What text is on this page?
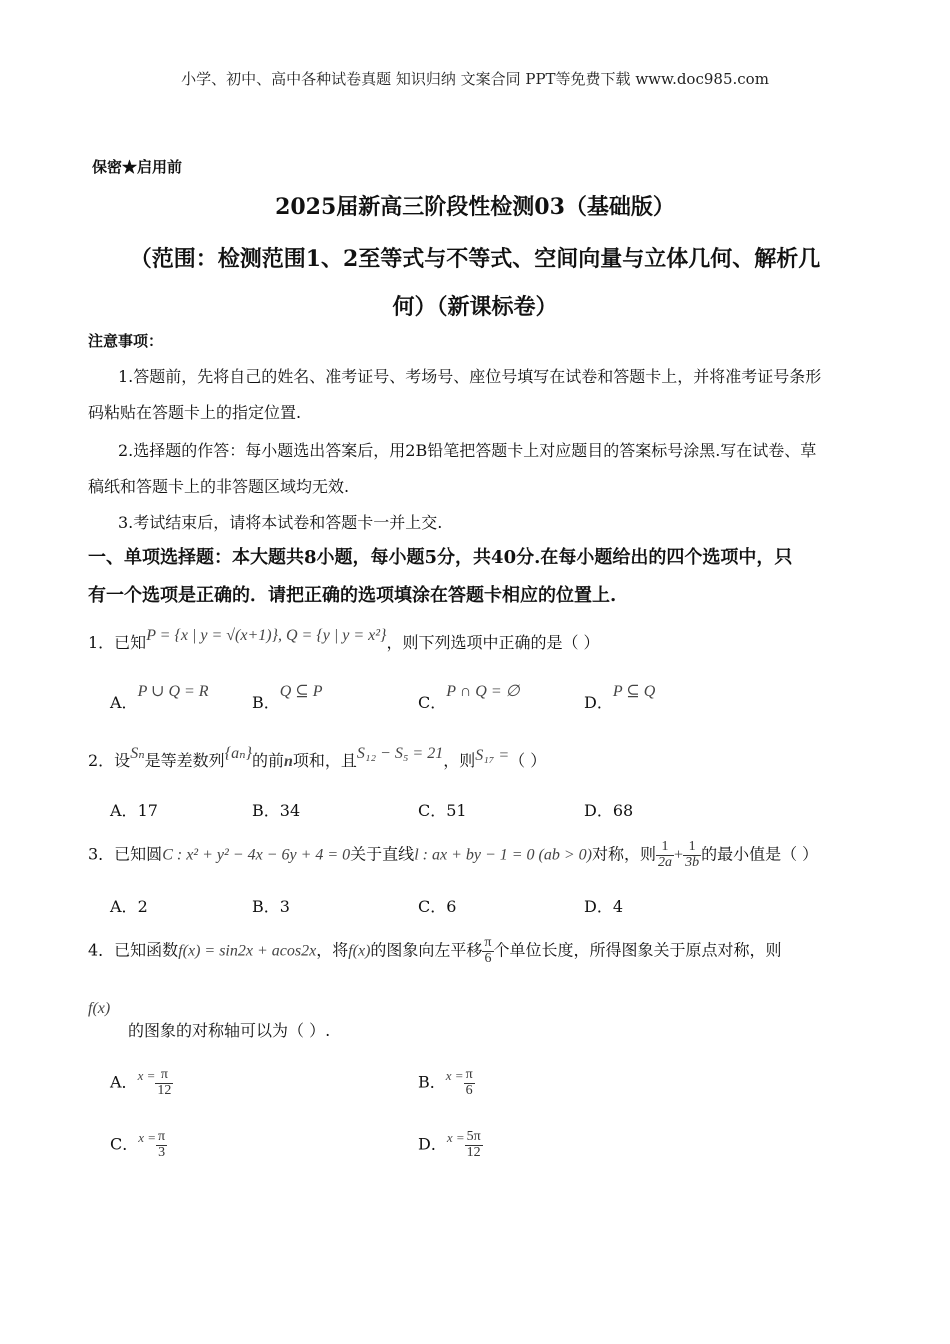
小学、初中、高中各种试卷真题 知识归纳 文案合同 PPT等免费下载 www.doc985.com
保密★启用前
2025届新高三阶段性检测03（基础版）
（范围：检测范围1、2至等式与不等式、空间向量与立体几何、解析几
何）（新课标卷）
注意事项：
1.答题前，先将自己的姓名、准考证号、考场号、座位号填写在试卷和答题卡上，并将准考证号条形
码粘贴在答题卡上的指定位置.
2.选择题的作答：每小题选出答案后，用2B铅笔把答题卡上对应题目的答案标号涂黑.写在试卷、草
稿纸和答题卡上的非答题区域均无效.
3.考试结束后，请将本试卷和答题卡一并上交.
一、单项选择题：本大题共8小题，每小题5分，共40分.在每小题给出的四个选项中，只
有一个选项是正确的．请把正确的选项填涂在答题卡相应的位置上.
1．已知P = {x | y = √(x+1)}, Q = {y | y = x²}，则下列选项中正确的是（ ）
A．P ∪ Q = R
B．Q ⊆ P
C．P ∩ Q = ∅
D．P ⊆ Q
2．设Sₙ是等差数列{aₙ}的前n项和，且S₁₂ − S₅ = 21，则S₁₇ =（ ）
A．17	B．34	C．51	D．68
3．已知圆C : x² + y² − 4x − 6y + 4 = 0关于直线l : ax + by − 1 = 0 (ab > 0)对称，则 $\frac{1}{2a} + \frac{1}{3b}$ 的最小值是（ ）
A．2	B．3	C．6	D．4
4．已知函数f(x) = sin2x + acos2x，将f(x)的图象向左平移 $\frac{\pi}{6}$ 个单位长度，所得图象关于原点对称，则
f(x)
的图象的对称轴可以为（ ）.
A．$^{x =} \frac{\pi}{12}$	B．$^{x =} \frac{\pi}{6}$
C．$^{x =} \frac{\pi}{3}$	D．$^{x =} \frac{5\pi}{12}$
